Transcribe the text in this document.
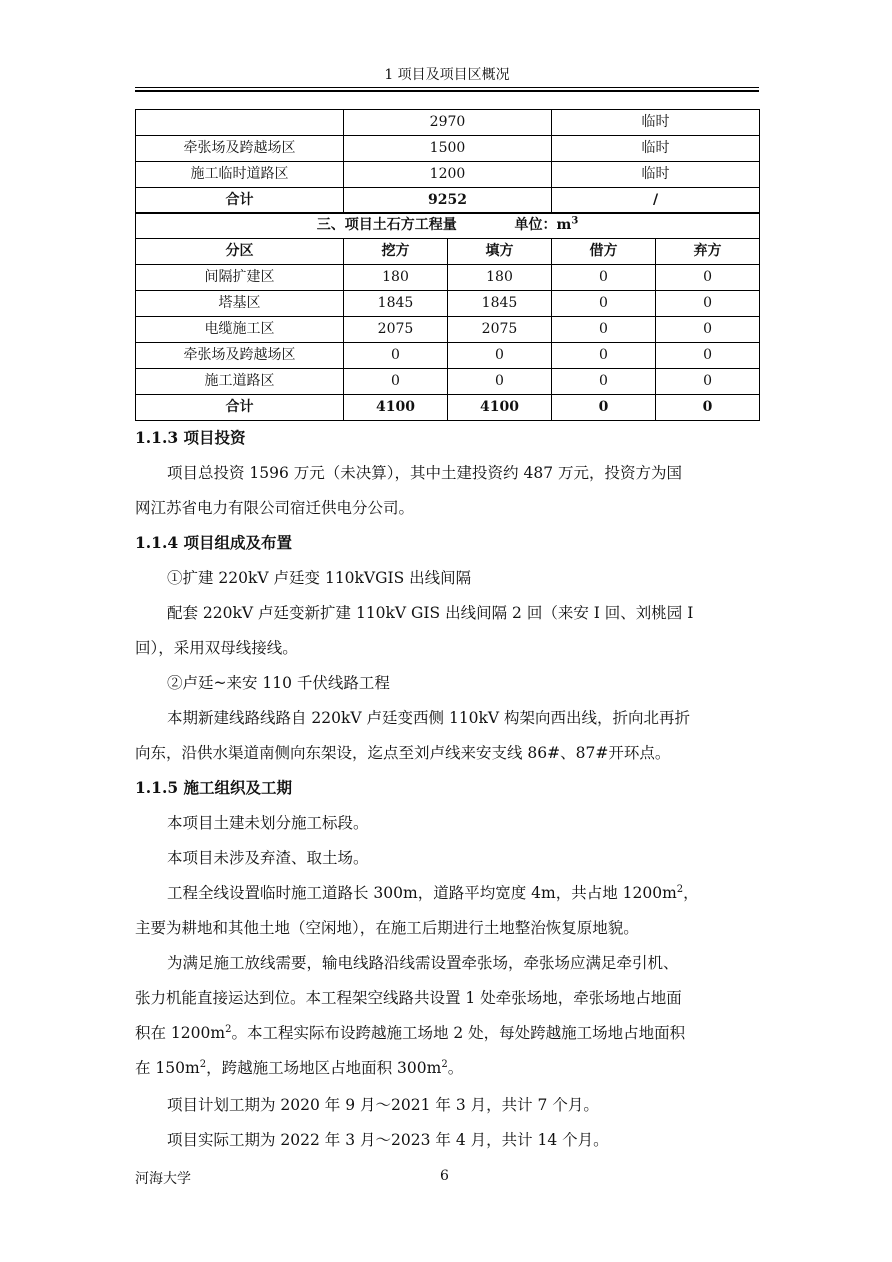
1 项目及项目区概况
	2970	临时
牵张场及跨越场区	1500	临时
施工临时道路区	1200	临时
合计	9252	/
三、项目土石方工程量 单位：$m^3$
分区	挖方	填方	借方	弃方
间隔扩建区	180	180	0	0
塔基区	1845	1845	0	0
电缆施工区	2075	2075	0	0
牵张场及跨越场区	0	0	0	0
施工道路区	0	0	0	0
合计	4100	4100	0	0
1.1.3 项目投资
项目总投资 1596 万元（未决算），其中土建投资约 487 万元，投资方为国
网江苏省电力有限公司宿迁供电分公司。
1.1.4 项目组成及布置
①扩建 220kV 卢廷变 110kVGIS 出线间隔
配套 220kV 卢廷变新扩建 110kV GIS 出线间隔 2 回（来安 I 回、刘桃园 I
回），采用双母线接线。
②卢廷~来安 110 千伏线路工程
本期新建线路线路自 220kV 卢廷变西侧 110kV 构架向西出线，折向北再折
向东，沿供水渠道南侧向东架设，迄点至刘卢线来安支线 86#、87#开环点。
1.1.5 施工组织及工期
本项目土建未划分施工标段。
本项目未涉及弃渣、取土场。
工程全线设置临时施工道路长 300m，道路平均宽度 4m，共占地 $1200m^2$，
主要为耕地和其他土地（空闲地），在施工后期进行土地整治恢复原地貌。
为满足施工放线需要，输电线路沿线需设置牵张场，牵张场应满足牵引机、
张力机能直接运达到位。本工程架空线路共设置 1 处牵张场地，牵张场地占地面
积在 $1200m^2$。本工程实际布设跨越施工场地 2 处，每处跨越施工场地占地面积
在 $150m^2$，跨越施工场地区占地面积 $300m^2$。
项目计划工期为 2020 年 9 月～2021 年 3 月，共计 7 个月。
项目实际工期为 2022 年 3 月～2023 年 4 月，共计 14 个月。
河海大学	6
